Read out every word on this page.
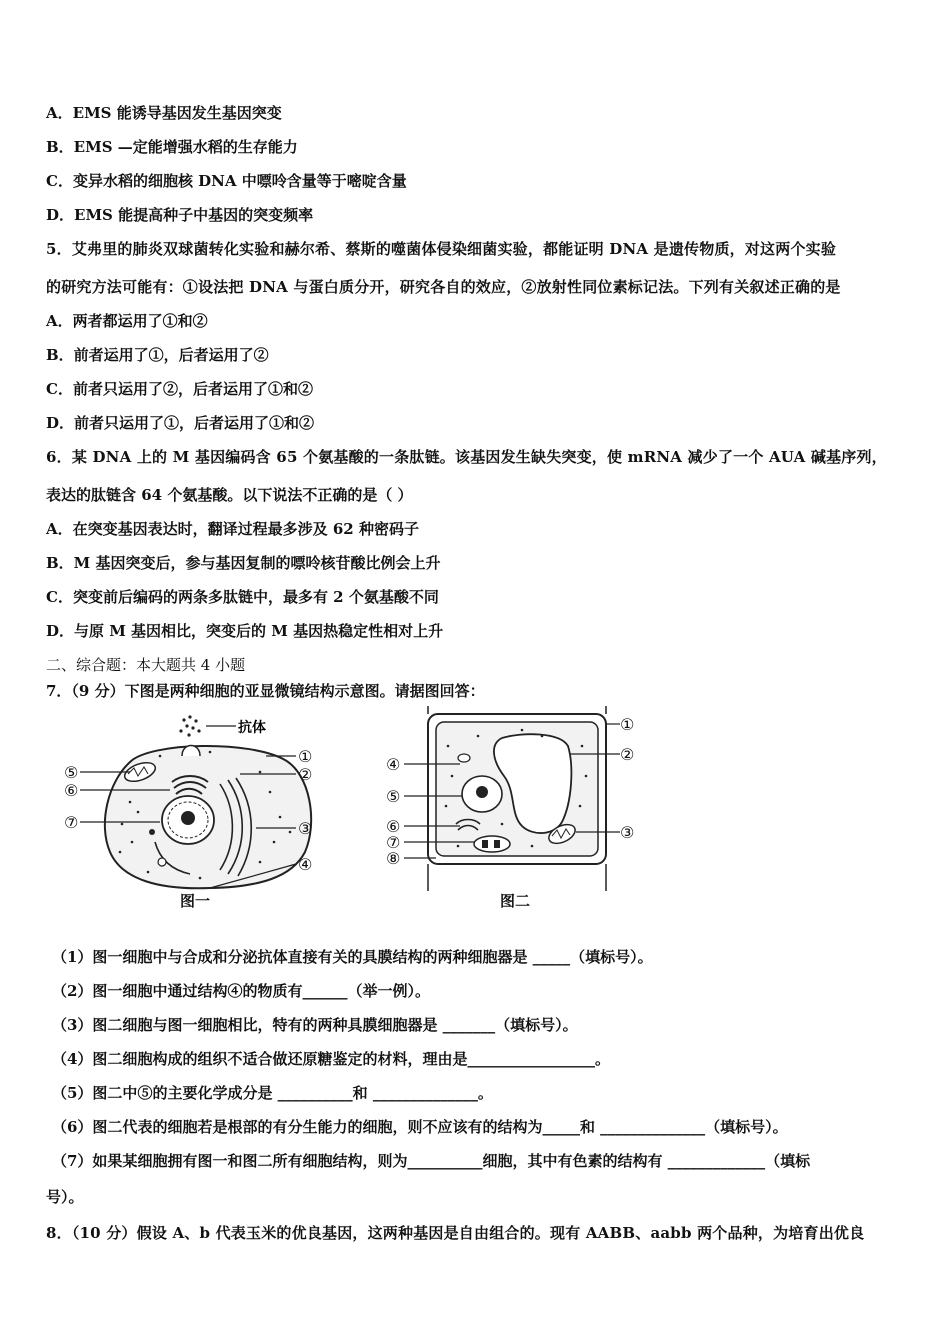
A．EMS 能诱导基因发生基因突变
B．EMS —定能增强水稻的生存能力
C．变异水稻的细胞核 DNA 中嘌呤含量等于嘧啶含量
D．EMS 能提高种子中基因的突变频率
5．艾弗里的肺炎双球菌转化实验和赫尔希、蔡斯的噬菌体侵染细菌实验，都能证明 DNA 是遗传物质，对这两个实验
的研究方法可能有：①设法把 DNA 与蛋白质分开，研究各自的效应，②放射性同位素标记法。下列有关叙述正确的是
A．两者都运用了①和②
B．前者运用了①，后者运用了②
C．前者只运用了②，后者运用了①和②
D．前者只运用了①，后者运用了①和②
6．某 DNA 上的 M 基因编码含 65 个氨基酸的一条肽链。该基因发生缺失突变，使 mRNA 减少了一个 AUA 碱基序列，
表达的肽链含 64 个氨基酸。以下说法不正确的是（ ）
A．在突变基因表达时，翻译过程最多涉及 62 种密码子
B．M 基因突变后，参与基因复制的嘌呤核苷酸比例会上升
C．突变前后编码的两条多肽链中，最多有 2 个氨基酸不同
D．与原 M 基因相比，突变后的 M 基因热稳定性相对上升
二、综合题：本大题共 4 小题
7．（9 分）下图是两种细胞的亚显微镜结构示意图。请据图回答：
抗体
①
②
③
④
⑤
⑥
⑦
图一
①
②
③
④
⑤
⑥
⑦
⑧
图二
（1）图一细胞中与合成和分泌抗体直接有关的具膜结构的两种细胞器是 _____（填标号）。
（2）图一细胞中通过结构④的物质有______（举一例）。
（3）图二细胞与图一细胞相比，特有的两种具膜细胞器是 _______（填标号）。
（4）图二细胞构成的组织不适合做还原糖鉴定的材料，理由是_________________。
（5）图二中⑤的主要化学成分是 __________和 ______________。
（6）图二代表的细胞若是根部的有分生能力的细胞，则不应该有的结构为_____和 ______________（填标号）。
（7）如果某细胞拥有图一和图二所有细胞结构，则为__________细胞，其中有色素的结构有 _____________（填标
号）。
8．（10 分）假设 A、b 代表玉米的优良基因，这两种基因是自由组合的。现有 AABB、aabb 两个品种，为培育出优良
